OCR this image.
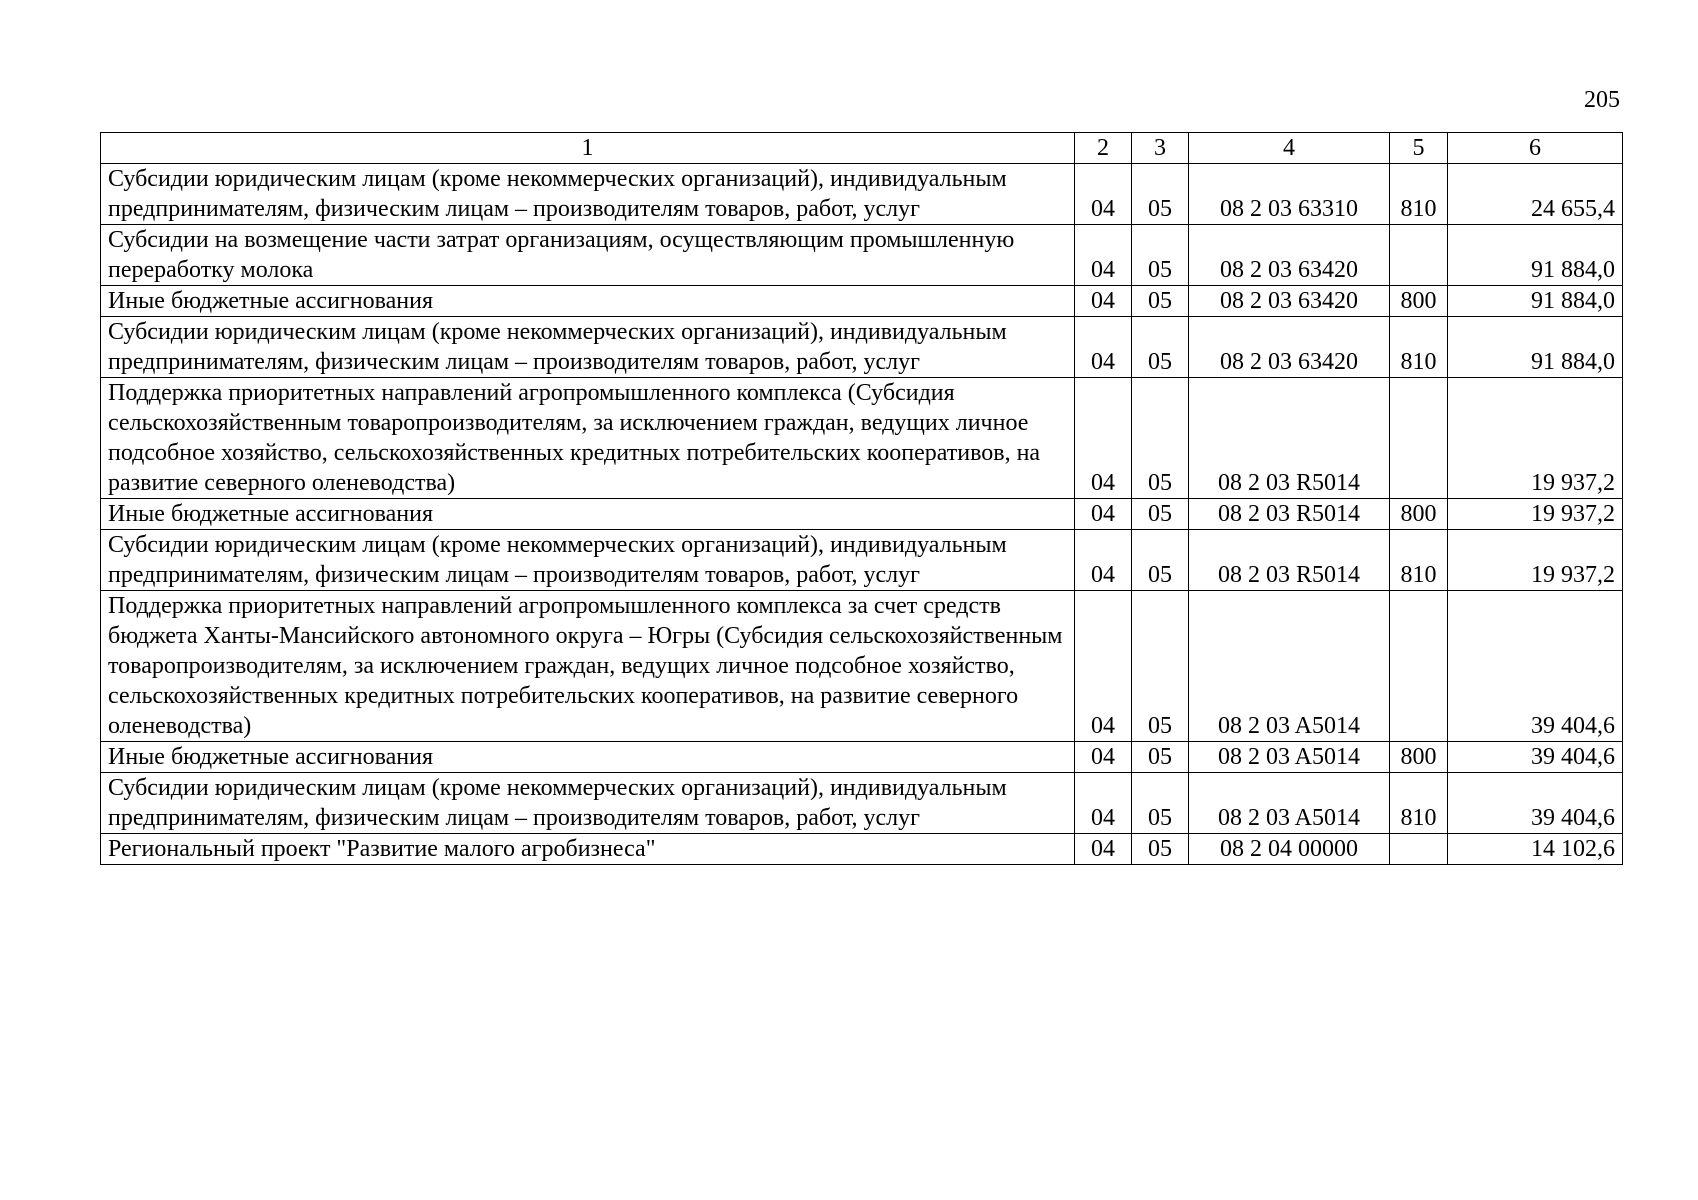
205
1	2	3	4	5	6
Субсидии юридическим лицам (кроме некоммерческих организаций), индивидуальным предпринимателям, физическим лицам – производителям товаров, работ, услуг	04	05	08 2 03 63310	810	24 655,4
Субсидии на возмещение части затрат организациям, осуществляющим промышленную переработку молока	04	05	08 2 03 63420		91 884,0
Иные бюджетные ассигнования	04	05	08 2 03 63420	800	91 884,0
Субсидии юридическим лицам (кроме некоммерческих организаций), индивидуальным предпринимателям, физическим лицам – производителям товаров, работ, услуг	04	05	08 2 03 63420	810	91 884,0
Поддержка приоритетных направлений агропромышленного комплекса (Субсидия сельскохозяйственным товаропроизводителям, за исключением граждан, ведущих личное подсобное хозяйство, сельскохозяйственных кредитных потребительских кооперативов, на развитие северного оленеводства)	04	05	08 2 03 R5014		19 937,2
Иные бюджетные ассигнования	04	05	08 2 03 R5014	800	19 937,2
Субсидии юридическим лицам (кроме некоммерческих организаций), индивидуальным предпринимателям, физическим лицам – производителям товаров, работ, услуг	04	05	08 2 03 R5014	810	19 937,2
Поддержка приоритетных направлений агропромышленного комплекса за счет средств бюджета Ханты-Мансийского автономного округа – Югры (Субсидия сельскохозяйственным товаропроизводителям, за исключением граждан, ведущих личное подсобное хозяйство, сельскохозяйственных кредитных потребительских кооперативов, на развитие северного оленеводства)	04	05	08 2 03 A5014		39 404,6
Иные бюджетные ассигнования	04	05	08 2 03 A5014	800	39 404,6
Субсидии юридическим лицам (кроме некоммерческих организаций), индивидуальным предпринимателям, физическим лицам – производителям товаров, работ, услуг	04	05	08 2 03 A5014	810	39 404,6
Региональный проект "Развитие малого агробизнеса"	04	05	08 2 04 00000		14 102,6
